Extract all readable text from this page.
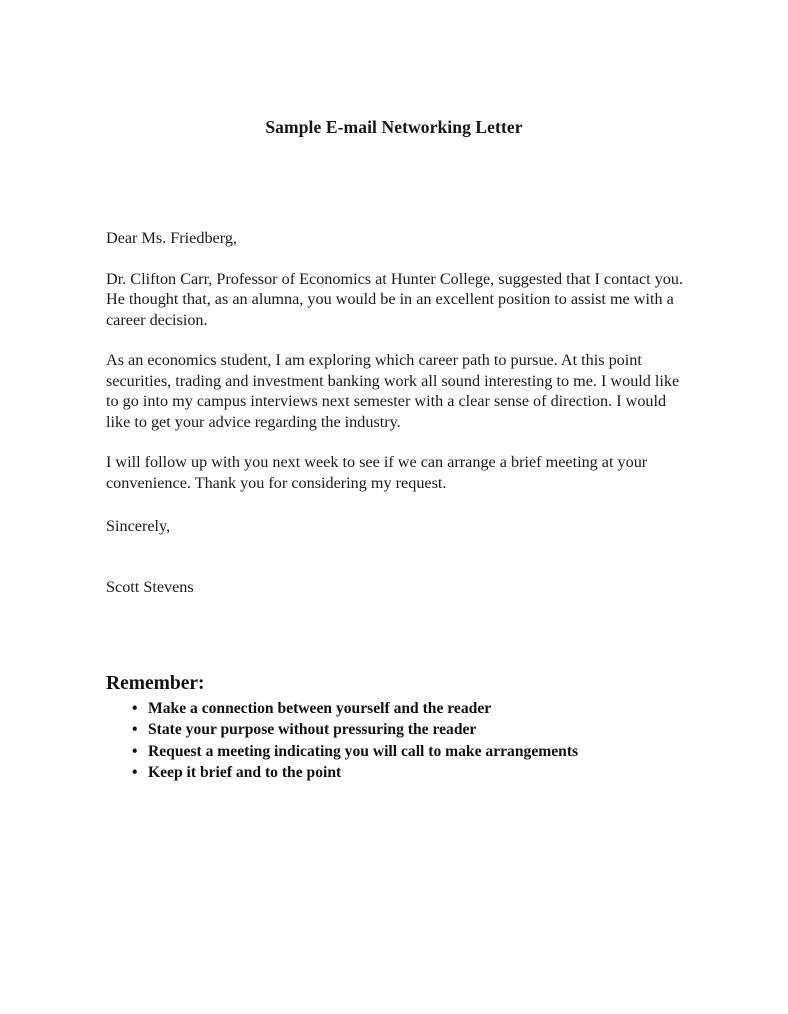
Sample E-mail Networking Letter

Dear Ms. Friedberg,

Dr. Clifton Carr, Professor of Economics at Hunter College, suggested that I contact you. He thought that, as an alumna, you would be in an excellent position to assist me with a career decision.

As an economics student, I am exploring which career path to pursue. At this point securities, trading and investment banking work all sound interesting to me. I would like to go into my campus interviews next semester with a clear sense of direction. I would like to get your advice regarding the industry.

I will follow up with you next week to see if we can arrange a brief meeting at your convenience. Thank you for considering my request.

Sincerely,

Scott Stevens

Remember:
• Make a connection between yourself and the reader
• State your purpose without pressuring the reader
• Request a meeting indicating you will call to make arrangements
• Keep it brief and to the point
